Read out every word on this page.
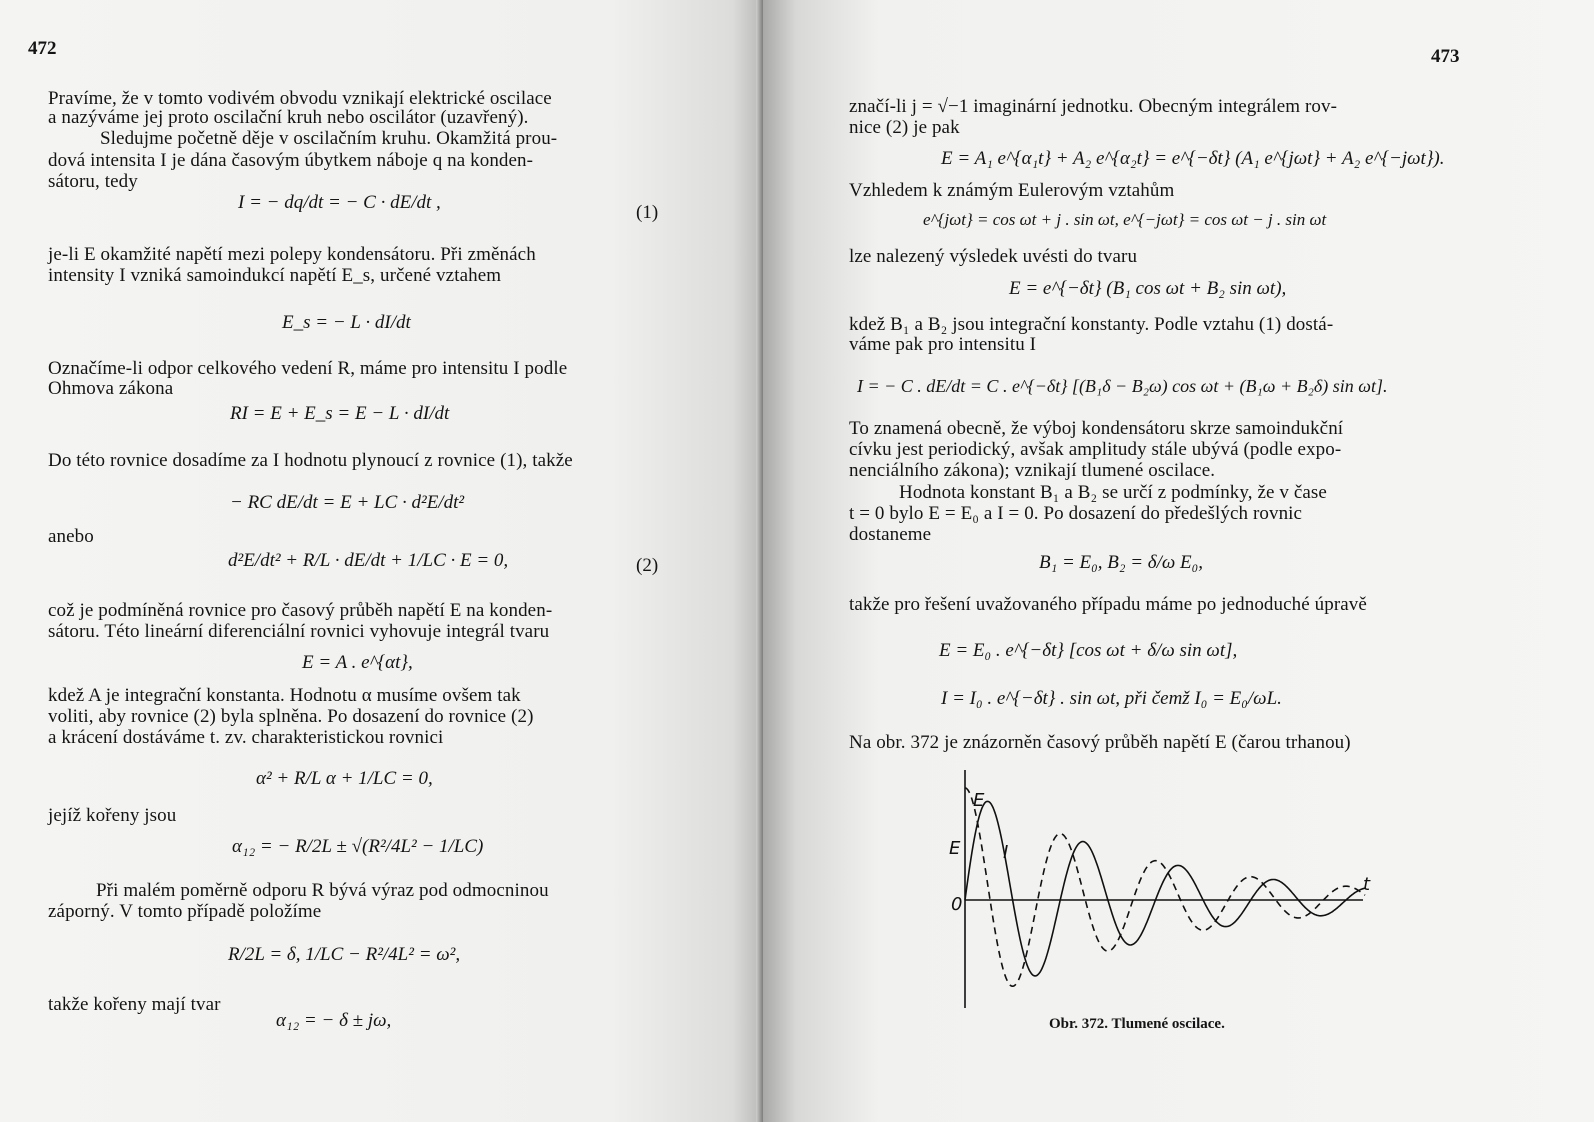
472
Pravíme, že v tomto vodivém obvodu vznikají elektrické oscilace
a nazýváme jej proto oscilační kruh nebo oscilátor (uzavřený).
Sledujme početně děje v oscilačním kruhu. Okamžitá prou-
dová intensita I je dána časovým úbytkem náboje q na konden-
sátoru, tedy
I = − dq/dt = − C · dE/dt ,	(1)
je-li E okamžité napětí mezi polepy kondensátoru. Při změnách
intensity I vzniká samoindukcí napětí E_s, určené vztahem
E_s = − L · dI/dt
Označíme-li odpor celkového vedení R, máme pro intensitu I podle
Ohmova zákona
RI = E + E_s = E − L · dI/dt
Do této rovnice dosadíme za I hodnotu plynoucí z rovnice (1), takže
− RC dE/dt = E + LC · d²E/dt²
anebo
d²E/dt² + R/L · dE/dt + 1/LC · E = 0,	(2)
což je podmíněná rovnice pro časový průběh napětí E na konden-
sátoru. Této lineární diferenciální rovnici vyhovuje integrál tvaru
E = A . e^{αt},
kdež A je integrační konstanta. Hodnotu α musíme ovšem tak
voliti, aby rovnice (2) byla splněna. Po dosazení do rovnice (2)
a krácení dostáváme t. zv. charakteristickou rovnici
α² + R/L α + 1/LC = 0,
jejíž kořeny jsou
α₁₂ = − R/2L ± √(R²/4L² − 1/LC)
Při malém poměrně odporu R bývá výraz pod odmocninou
záporný. V tomto případě položíme
R/2L = δ, 1/LC − R²/4L² = ω²,
takže kořeny mají tvar
α₁₂ = − δ ± jω,
473
značí-li j = √−1 imaginární jednotku. Obecným integrálem rov-
nice (2) je pak
E = A₁ e^{α₁t} + A₂ e^{α₂t} = e^{−δt} (A₁ e^{jωt} + A₂ e^{−jωt}).
Vzhledem k známým Eulerovým vztahům
e^{jωt} = cos ωt + j . sin ωt, e^{−jωt} = cos ωt − j . sin ωt
lze nalezený výsledek uvésti do tvaru
E = e^{−δt} (B₁ cos ωt + B₂ sin ωt),
kdež B₁ a B₂ jsou integrační konstanty. Podle vztahu (1) dostá-
váme pak pro intensitu I
I = − C . dE/dt = C . e^{−δt} [(B₁δ − B₂ω) cos ωt + (B₁ω + B₂δ) sin ωt].
To znamená obecně, že výboj kondensátoru skrze samoindukční
cívku jest periodický, avšak amplitudy stále ubývá (podle expo-
nenciálního zákona); vznikají tlumené oscilace.
Hodnota konstant B₁ a B₂ se určí z podmínky, že v čase
t = 0 bylo E = E₀ a I = 0. Po dosazení do předešlých rovnic
dostaneme
B₁ = E₀, B₂ = δ/ω E₀,
takže pro řešení uvažovaného případu máme po jednoduché úpravě
E = E₀ . e^{−δt} [cos ωt + δ/ω sin ωt],
I = I₀ . e^{−δt} . sin ωt, při čemž I₀ = E₀/ωL.
Na obr. 372 je znázorněn časový průběh napětí E (čarou trhanou)
E
E I
0
t
Obr. 372. Tlumené oscilace.
